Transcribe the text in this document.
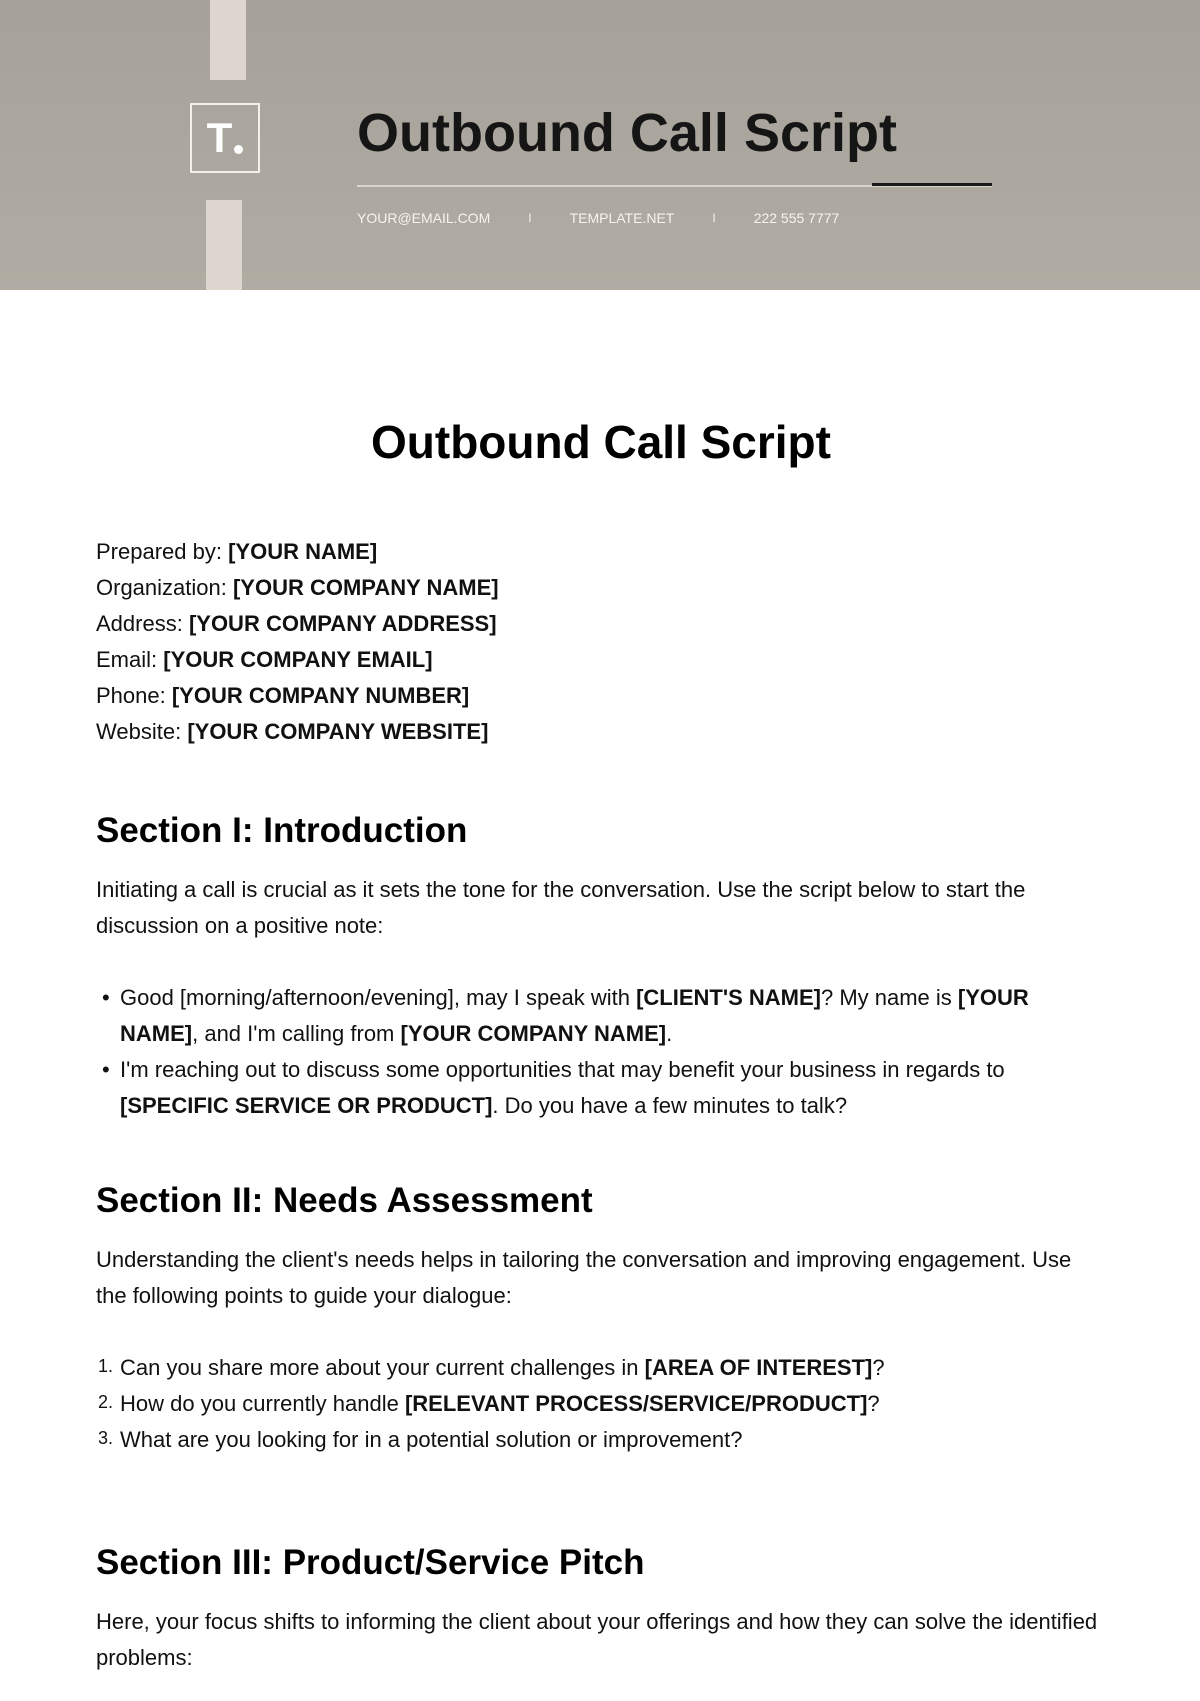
T Outbound Call Script
YOUR@EMAIL.COM	I	TEMPLATE.NET	I	222 555 7777
Outbound Call Script
Prepared by: [YOUR NAME]
Organization: [YOUR COMPANY NAME]
Address: [YOUR COMPANY ADDRESS]
Email: [YOUR COMPANY EMAIL]
Phone: [YOUR COMPANY NUMBER]
Website: [YOUR COMPANY WEBSITE]
Section I: Introduction

Initiating a call is crucial as it sets the tone for the conversation. Use the script below to start the discussion on a positive note:

• Good [morning/afternoon/evening], may I speak with [CLIENT'S NAME]? My name is [YOUR NAME], and I'm calling from [YOUR COMPANY NAME].
• I'm reaching out to discuss some opportunities that may benefit your business in regards to [SPECIFIC SERVICE OR PRODUCT]. Do you have a few minutes to talk?
Section II: Needs Assessment

Understanding the client's needs helps in tailoring the conversation and improving engagement. Use the following points to guide your dialogue:

1. Can you share more about your current challenges in [AREA OF INTEREST]?
2. How do you currently handle [RELEVANT PROCESS/SERVICE/PRODUCT]?
3. What are you looking for in a potential solution or improvement?
Section III: Product/Service Pitch

Here, your focus shifts to informing the client about your offerings and how they can solve the identified problems:
